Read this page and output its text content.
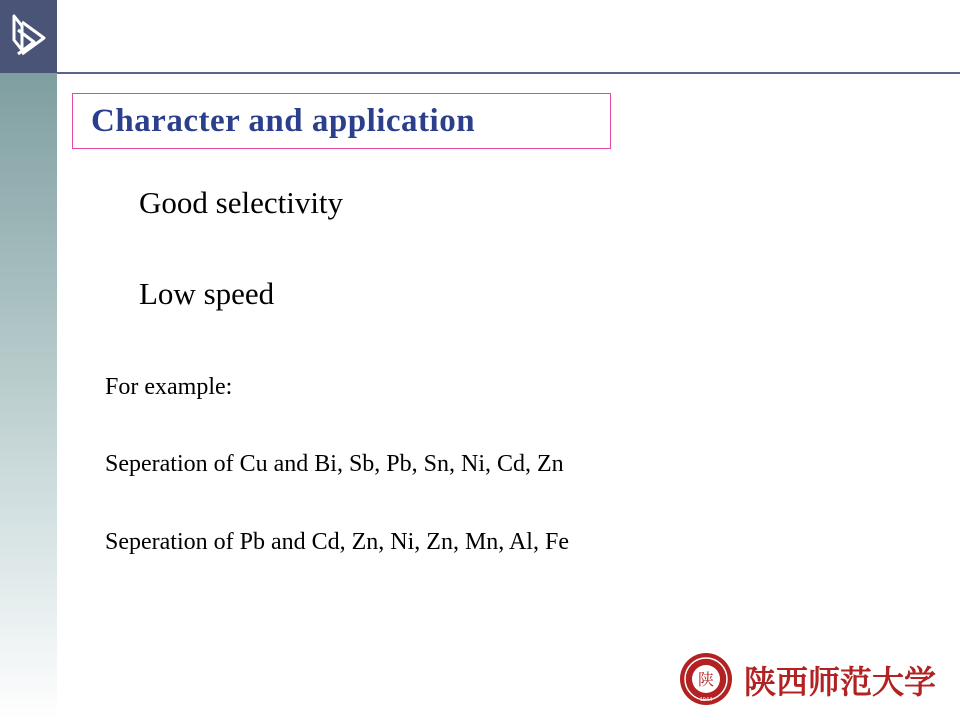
Character and application
Good selectivity
Low speed
For example:
Seperation of Cu and Bi, Sb, Pb, Sn, Ni, Cd, Zn
Seperation of Pb and Cd, Zn, Ni, Zn, Mn, Al, Fe
陕
1944 陕西师范大学
